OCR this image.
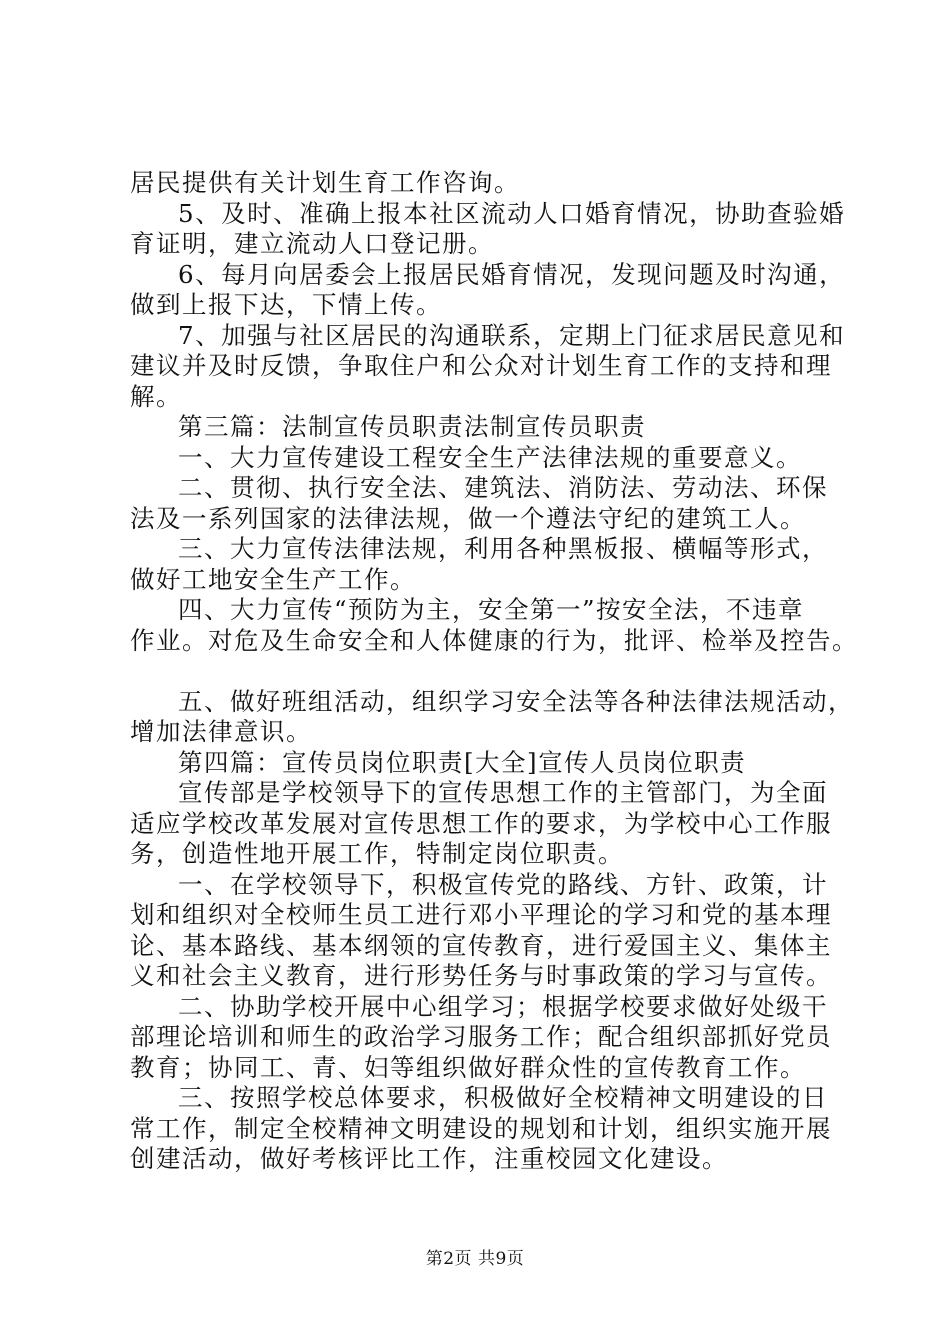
居民提供有关计划生育工作咨询。
5、及时、准确上报本社区流动人口婚育情况，协助查验婚
育证明，建立流动人口登记册。
6、每月向居委会上报居民婚育情况，发现问题及时沟通，
做到上报下达，下情上传。
7、加强与社区居民的沟通联系，定期上门征求居民意见和
建议并及时反馈，争取住户和公众对计划生育工作的支持和理
解。
第三篇：法制宣传员职责法制宣传员职责
一、大力宣传建设工程安全生产法律法规的重要意义。
二、贯彻、执行安全法、建筑法、消防法、劳动法、环保
法及一系列国家的法律法规，做一个遵法守纪的建筑工人。
三、大力宣传法律法规，利用各种黑板报、横幅等形式，
做好工地安全生产工作。
四、大力宣传“预防为主，安全第一”按安全法，不违章
作业。对危及生命安全和人体健康的行为，批评、检举及控告。
五、做好班组活动，组织学习安全法等各种法律法规活动，
增加法律意识。
第四篇：宣传员岗位职责[大全]宣传人员岗位职责
宣传部是学校领导下的宣传思想工作的主管部门，为全面
适应学校改革发展对宣传思想工作的要求，为学校中心工作服
务，创造性地开展工作，特制定岗位职责。
一、在学校领导下，积极宣传党的路线、方针、政策，计
划和组织对全校师生员工进行邓小平理论的学习和党的基本理
论、基本路线、基本纲领的宣传教育，进行爱国主义、集体主
义和社会主义教育，进行形势任务与时事政策的学习与宣传。
二、协助学校开展中心组学习；根据学校要求做好处级干
部理论培训和师生的政治学习服务工作；配合组织部抓好党员
教育；协同工、青、妇等组织做好群众性的宣传教育工作。
三、按照学校总体要求，积极做好全校精神文明建设的日
常工作，制定全校精神文明建设的规划和计划，组织实施开展
创建活动，做好考核评比工作，注重校园文化建设。
第2页 共9页
